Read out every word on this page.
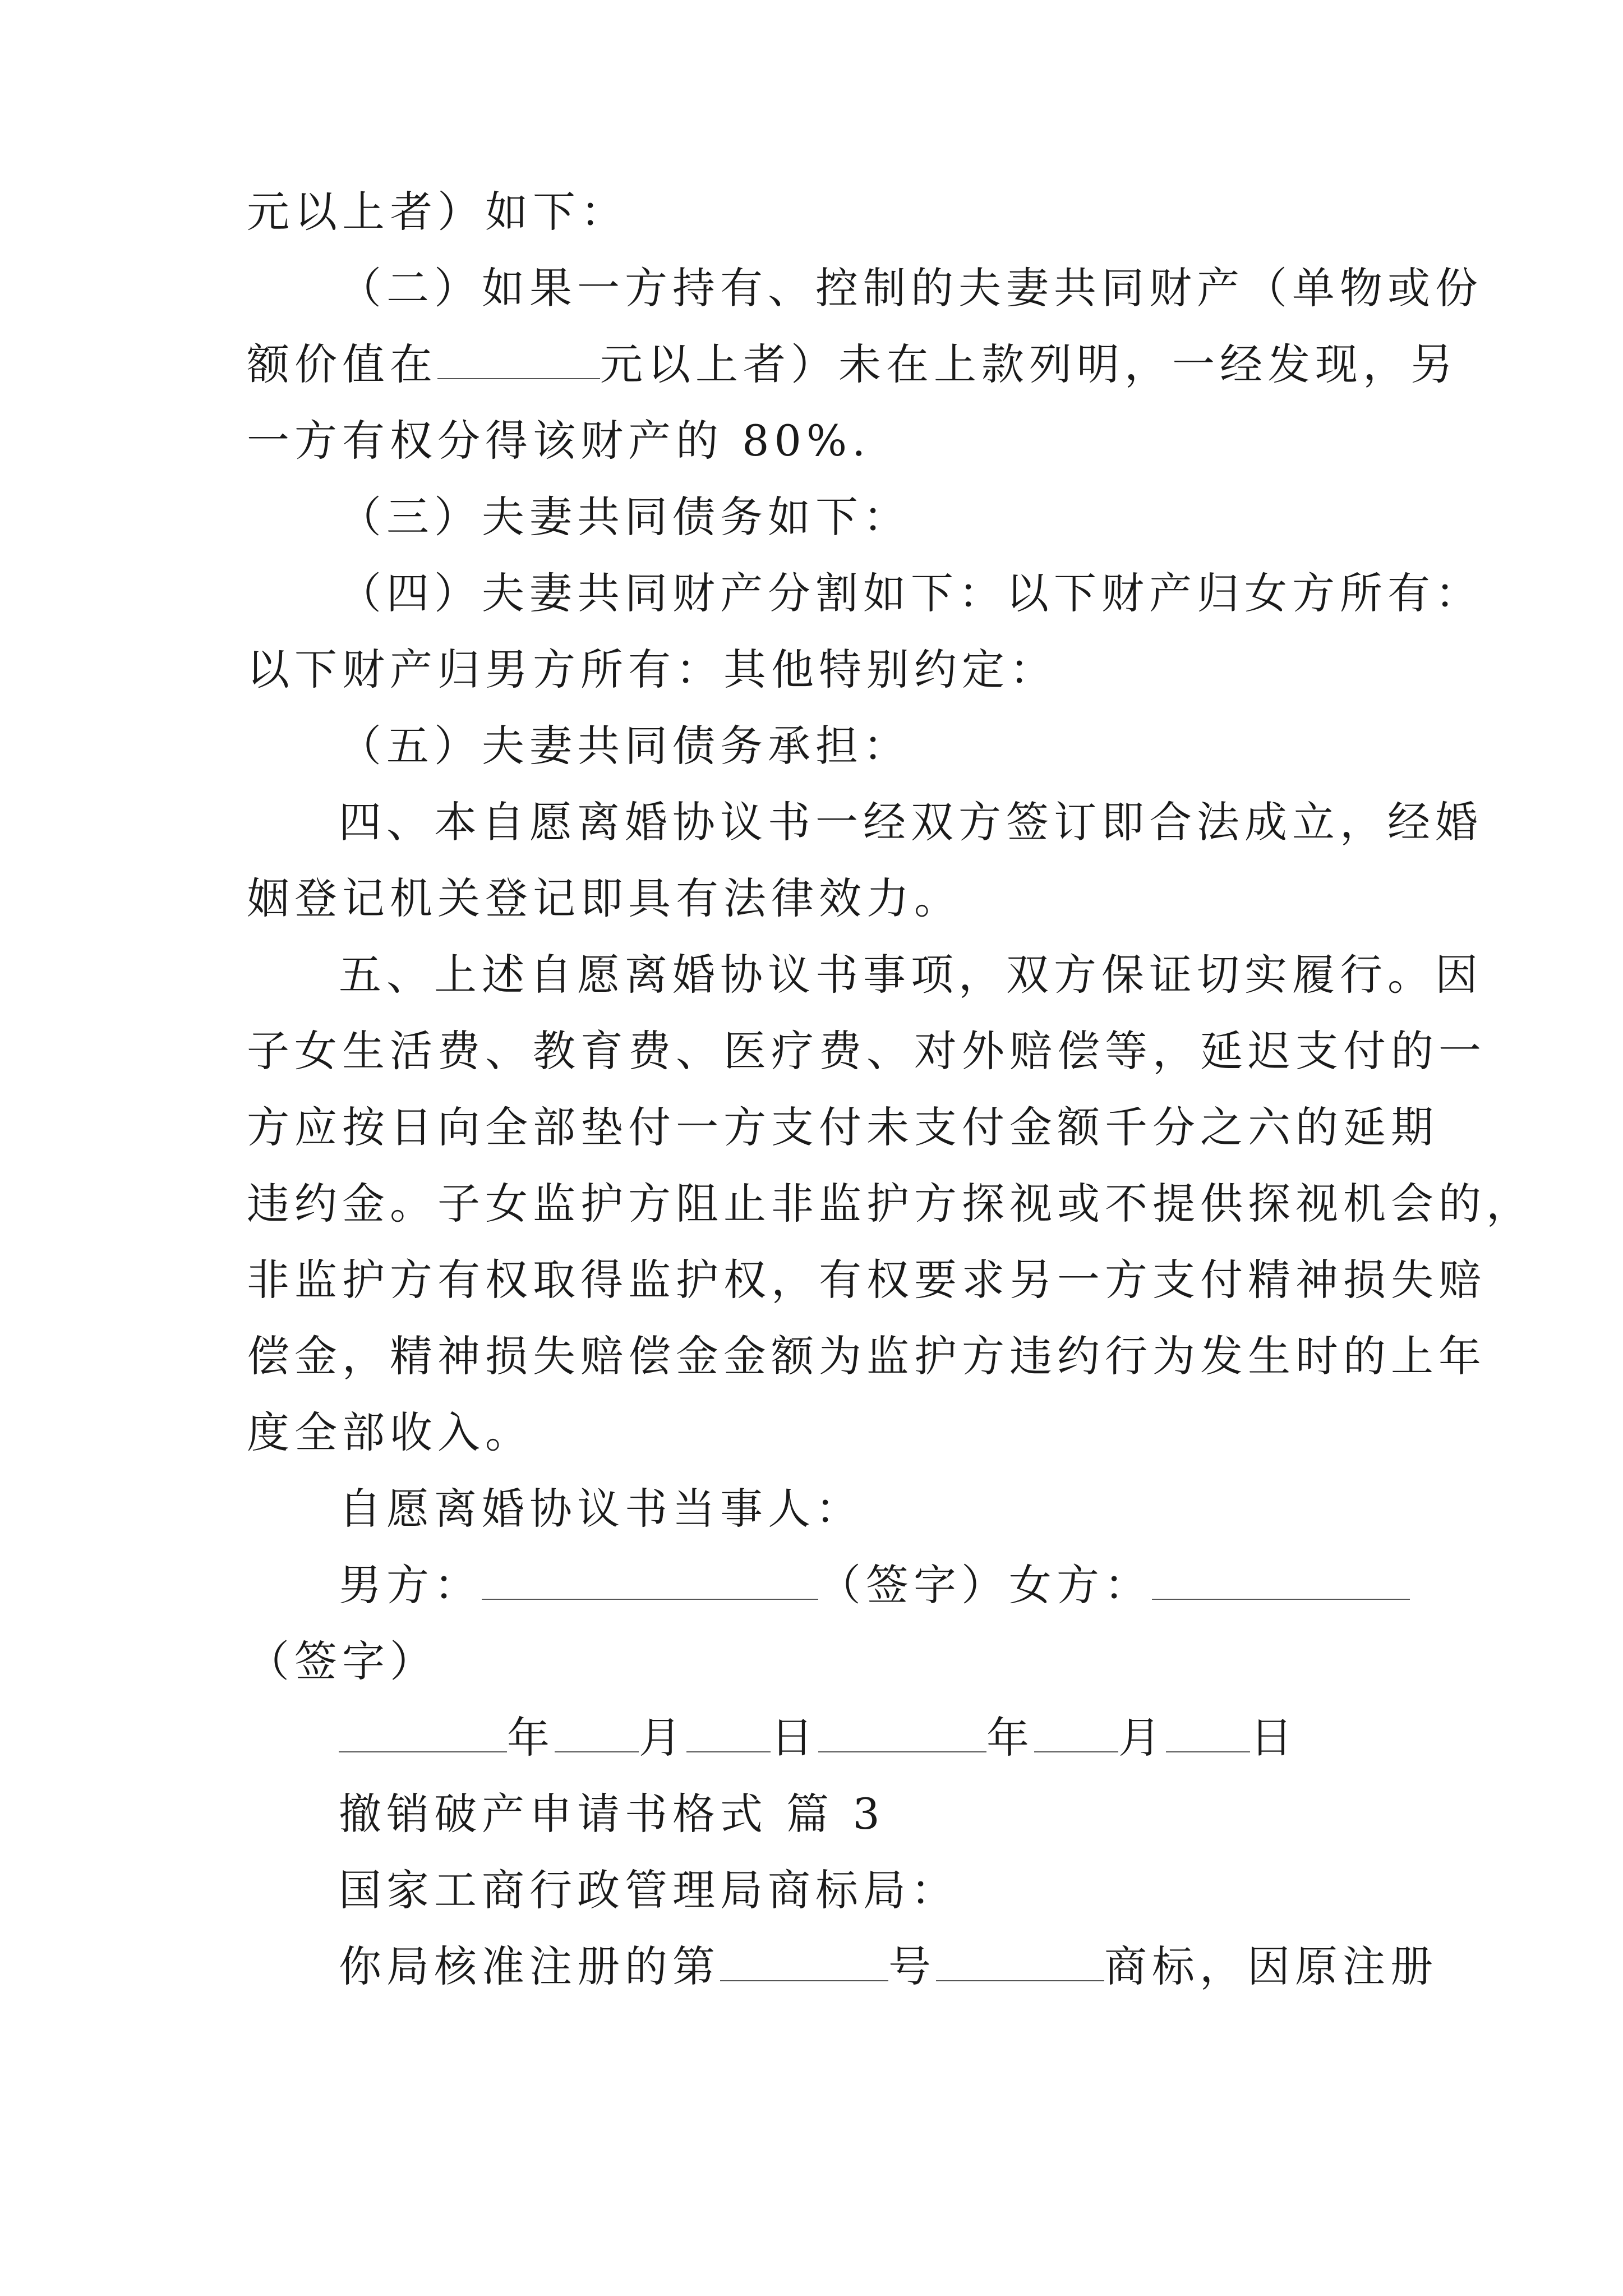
元以上者）如下：
（二）如果一方持有、控制的夫妻共同财产（单物或份
额价值在	元以上者）未在上款列明，一经发现，另
一方有权分得该财产的 80%.
（三）夫妻共同债务如下：
（四）夫妻共同财产分割如下：以下财产归女方所有：
以下财产归男方所有：其他特别约定：
（五）夫妻共同债务承担：
四、本自愿离婚协议书一经双方签订即合法成立，经婚
姻登记机关登记即具有法律效力。
五、上述自愿离婚协议书事项，双方保证切实履行。因
子女生活费、教育费、医疗费、对外赔偿等，延迟支付的一
方应按日向全部垫付一方支付未支付金额千分之六的延期
违约金。子女监护方阻止非监护方探视或不提供探视机会的，
非监护方有权取得监护权，有权要求另一方支付精神损失赔
偿金，精神损失赔偿金金额为监护方违约行为发生时的上年
度全部收入。
自愿离婚协议书当事人：
男方：	（签字）女方：
（签字）
年 月 日	年 月 日
撤销破产申请书格式 篇 3
国家工商行政管理局商标局：
你局核准注册的第	号	商标，因原注册
